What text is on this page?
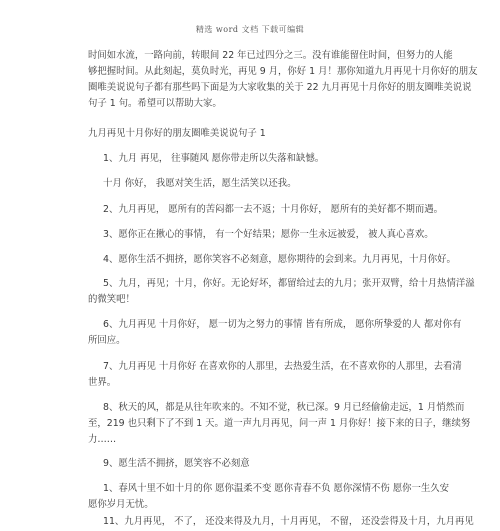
精选 word 文档 下载可编辑

时间如水流，一路向前，转眼间 22 年已过四分之三。没有谁能留住时间，但努力的人能

够把握时间。从此刻起，莫负时光，再见 9 月，你好 1 月！那你知道九月再见十月你好的朋友

圈唯美说说句子都有那些吗下面是为大家收集的关于 22 九月再见十月你好的朋友圈唯美说说

句子 1 句。希望可以帮助大家。

九月再见十月你好的朋友圈唯美说说句子 1

1、九月 再见， 往事随风 愿你带走所以失落和缺憾。

十月 你好， 我愿对笑生活，愿生活笑以还我。

2、九月再见， 愿所有的苦闷都一去不返；十月你好， 愿所有的美好都不期而遇。

3、愿你正在揪心的事情， 有一个好结果；愿你一生永远被爱， 被人真心喜欢。

4、愿你生活不拥挤，愿你笑容不必刻意，愿你期待的会到来。九月再见，十月你好。

5、九月，再见；十月，你好。无论好坏，都留给过去的九月；张开双臂，给十月热情洋溢

的微笑吧！

6、九月再见 十月你好， 愿一切为之努力的事情 皆有所成， 愿你所挚爱的人 都对你有

所回应。

7、九月再见 十月你好 在喜欢你的人那里，去热爱生活，在不喜欢你的人那里，去看清

世界。

8、秋天的风，都是从往年吹来的。不知不觉，秋已深。9 月已经偷偷走远，1 月悄然而

至，219 也只剩下了不到 1 天。道一声九月再见，问一声 1 月你好！接下来的日子，继续努

力……

9、愿生活不拥挤，愿笑容不必刻意

1、春风十里不如十月的你 愿你温柔不变 愿你青春不负 愿你深情不伤 愿你一生久安

愿你岁月无忧。

11、九月再见， 不了， 还没来得及九月，十月再见， 不留， 还没尝得及十月，九月再见
